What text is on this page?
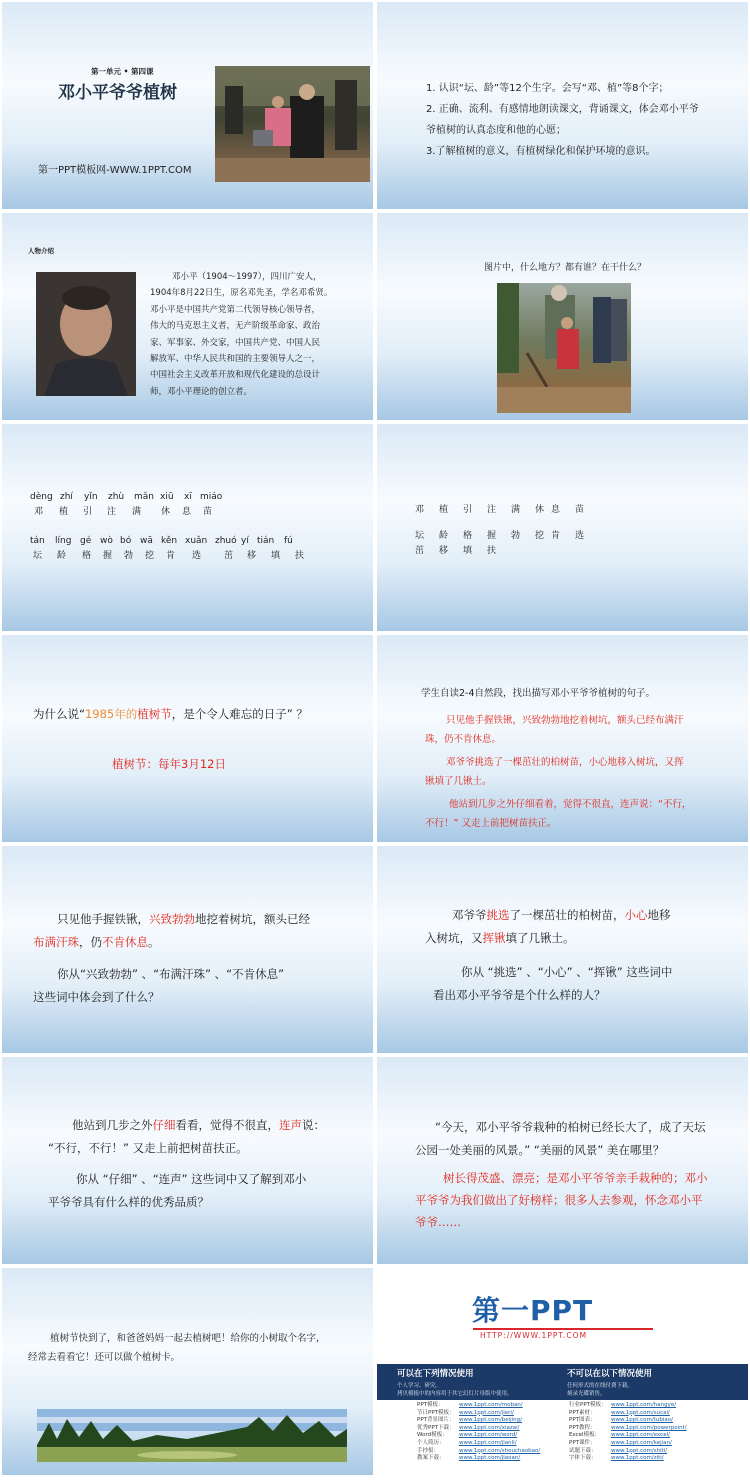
第一单元 • 第四课
邓小平爷爷植树
第一PPT模板网-WWW.1PPT.COM
1. 认识“坛、龄”等12个生字。会写“邓、植”等8个字；
2. 正确、流利、有感情地朗读课文，背诵课文，体会邓小平爷
爷植树的认真态度和他的心愿；
3.了解植树的意义，有植树绿化和保护环境的意识。
人物介绍
邓小平（1904～1997），四川广安人，
1904年8月22日生，原名邓先圣，学名邓希贤。
邓小平是中国共产党第二代领导核心领导者，
伟大的马克思主义者，无产阶级革命家、政治
家、军事家、外交家，中国共产党、中国人民
解放军、中华人民共和国的主要领导人之一，
中国社会主义改革开放和现代化建设的总设计
师，邓小平理论的创立者。
图片中，什么地方？都有谁？在干什么？
dèng zhí yǐn zhù mǎn xiū xī miáo
邓 植 引 注 满 休 息 苗
tán líng gé wò bó wā kěn xuǎn zhuó yí tián fú
坛 龄 格 握 勃 挖 肯 选	茁 移 填 扶
邓 植 引 注 满 休 息 苗
坛 龄 格 握 勃 挖 肯 选
茁 移 填 扶
为什么说“1985年的植树节，是个令人难忘的日子” ？
植树节：每年3月12日
学生自读2-4自然段，找出描写邓小平爷爷植树的句子。
只见他手握铁锹，兴致勃勃地挖着树坑，额头已经布满汗
珠，仍不肯休息。
邓爷爷挑选了一棵茁壮的柏树苗，小心地移入树坑，又挥
锹填了几锹土。
他站到几步之外仔细看着，觉得不很直，连声说：“不行，
不行！” 又走上前把树苗扶正。
只见他手握铁锹，兴致勃勃地挖着树坑，额头已经
布满汗珠，仍不肯休息。
你从“兴致勃勃” 、“布满汗珠” 、“不肯休息”
这些词中体会到了什么？
邓爷爷挑选了一棵茁壮的柏树苗，小心地移
入树坑，又挥锹填了几锹土。
你从 “挑选” 、“小心” 、“挥锹” 这些词中
看出邓小平爷爷是个什么样的人？
他站到几步之外仔细看看，觉得不很直，连声说：
“不行，不行！” 又走上前把树苗扶正。
你从 “仔细” 、“连声” 这些词中又了解到邓小
平爷爷具有什么样的优秀品质？
“今天，邓小平爷爷栽种的柏树已经长大了，成了天坛
公园一处美丽的风景。” “美丽的风景” 美在哪里？
树长得茂盛、漂亮；是邓小平爷爷亲手栽种的；邓小
平爷爷为我们做出了好榜样；很多人去参观，怀念邓小平
爷爷……
植树节快到了，和爸爸妈妈一起去植树吧！给你的小树取个名字，
经常去看看它！还可以做个植树卡。
第一PPT
HTTP://WWW.1PPT.COM
可以在下列情况使用
个人学习、研究。
拷贝模板中的内容用于其它幻灯片母版中使用。
不可以在以下情况使用
任何形式的在线付费下载。
刻录光碟销售。
PPT模板：	www.1ppt.com/moban/
节日PPT模板： www.1ppt.com/jieri/
PPT背景图片： www.1ppt.com/beijing/
优秀PPT下载： www.1ppt.com/xiazai/
Word模板： www.1ppt.com/word/
个人简历：	www.1ppt.com/jianli/
手抄报：	www.1ppt.com/shouchaobao/
教案下载：	www.1ppt.com/jiaoan/
行业PPT模板： www.1ppt.com/hangye/
PPT素材：	www.1ppt.com/sucai/
PPT图表：	www.1ppt.com/tubiao/
PPT教程：	www.1ppt.com/powerpoint/
Excel模板： www.1ppt.com/excel/
PPT课件：	www.1ppt.com/kejian/
试题下载：	www.1ppt.com/shiti/
字体下载：	www.1ppt.com/ziti/
